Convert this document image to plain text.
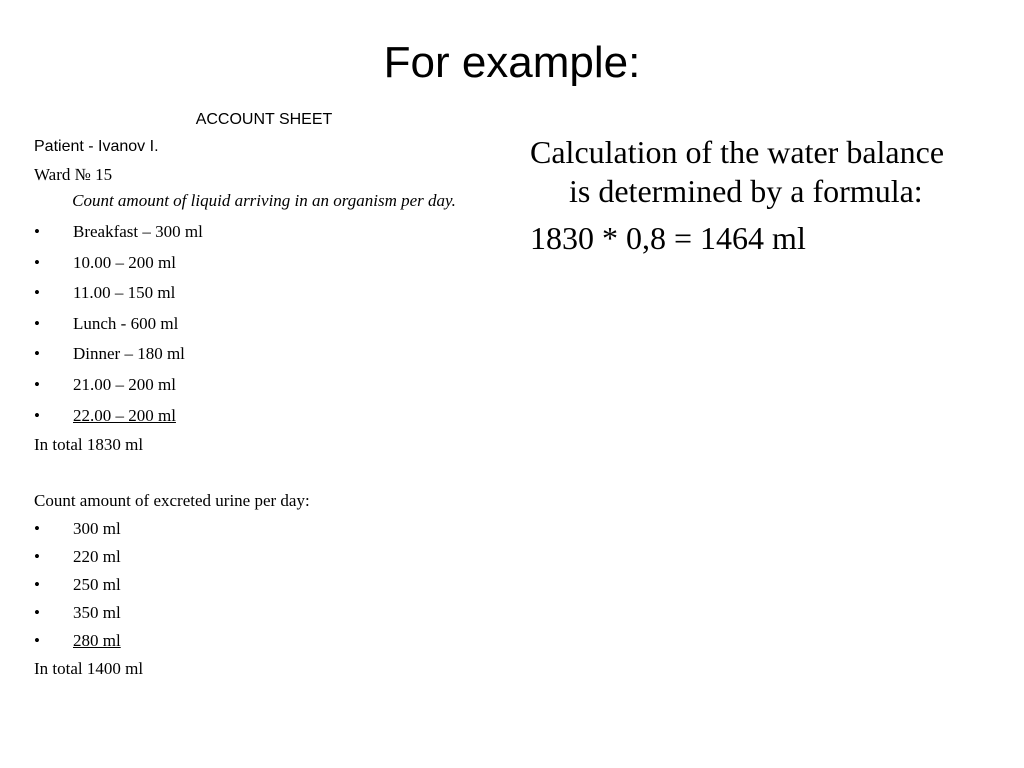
For example:

ACCOUNT SHEET

Patient - Ivanov I.

Ward № 15

Count amount of liquid arriving in an organism per day.

• Breakfast – 300 ml
• 10.00 – 200 ml
• 11.00 – 150 ml
• Lunch - 600 ml
• Dinner – 180 ml
• 21.00 – 200 ml
• 22.00 – 200 ml

In total 1830 ml

Count amount of excreted urine per day:

• 300 ml
• 220 ml
• 250 ml
• 350 ml
• 280 ml

In total 1400 ml

Calculation of the water balance is determined by a formula:

1830 * 0,8 = 1464 ml
